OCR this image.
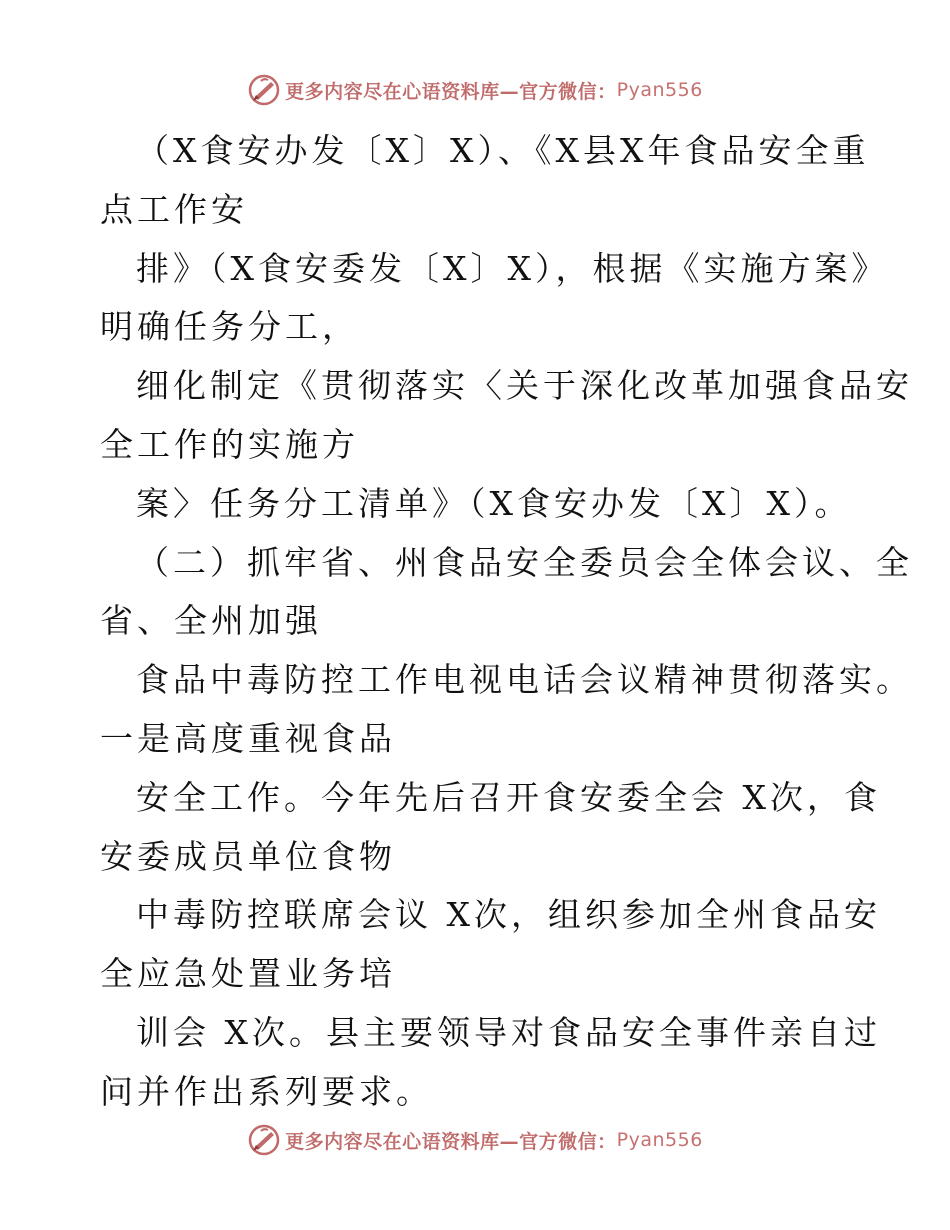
更多内容尽在心语资料库—官方微信： Pyan556
（X食安办发〔X〕X）、《X县X年食品安全重
点工作安
排》（X食安委发〔X〕X），根据《实施方案》
明确任务分工，
细化制定《贯彻落实〈关于深化改革加强食品安
全工作的实施方
案〉任务分工清单》（X食安办发〔X〕X）。
（二）抓牢省、州食品安全委员会全体会议、全
省、全州加强
食品中毒防控工作电视电话会议精神贯彻落实。
一是高度重视食品
安全工作。今年先后召开食安委全会 X次，食
安委成员单位食物
中毒防控联席会议 X次，组织参加全州食品安
全应急处置业务培
训会 X次。县主要领导对食品安全事件亲自过
问并作出系列要求。
更多内容尽在心语资料库—官方微信： Pyan556
